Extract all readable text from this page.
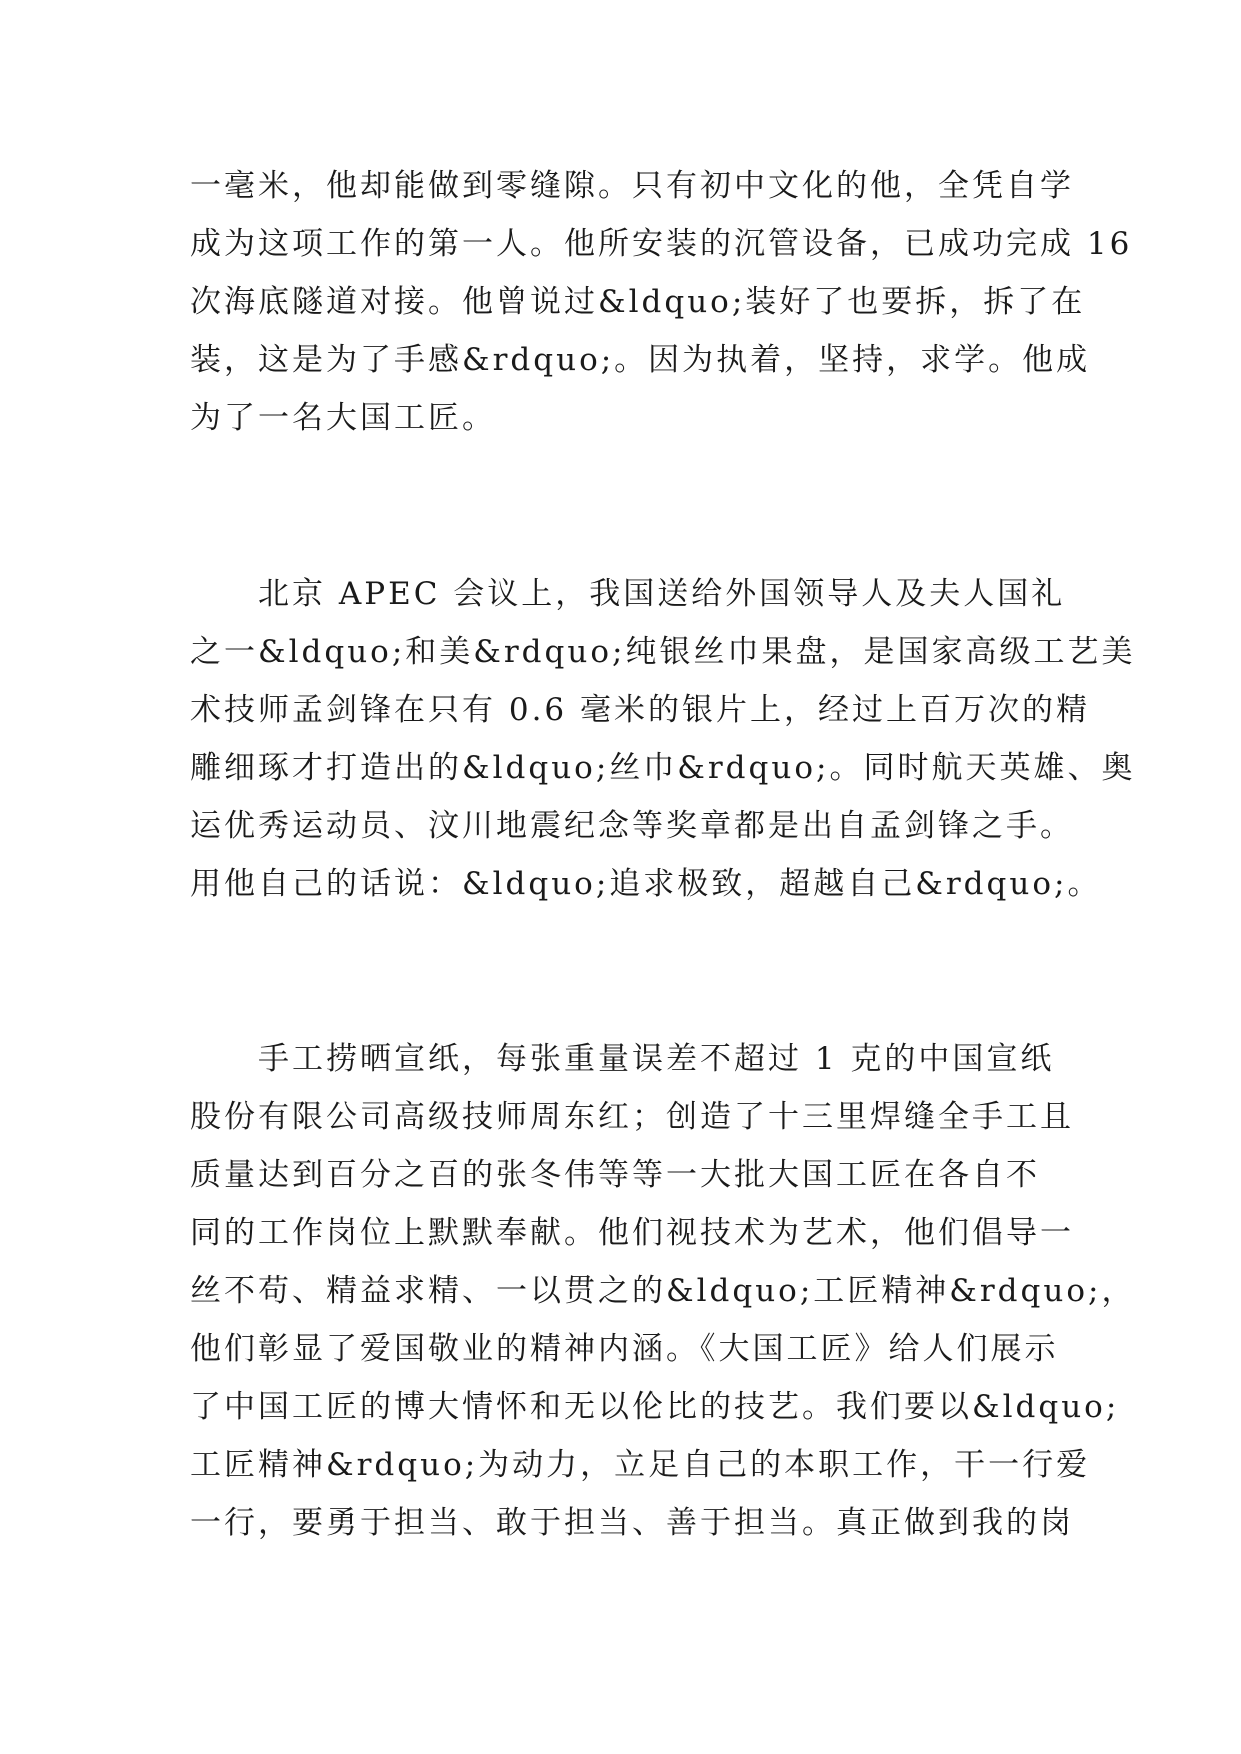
一毫米，他却能做到零缝隙。只有初中文化的他，全凭自学
成为这项工作的第一人。他所安装的沉管设备，已成功完成 16
次海底隧道对接。他曾说过&ldquo;装好了也要拆，拆了在
装，这是为了手感&rdquo;。因为执着，坚持，求学。他成
为了一名大国工匠。
　　北京 APEC 会议上，我国送给外国领导人及夫人国礼
之一&ldquo;和美&rdquo;纯银丝巾果盘，是国家高级工艺美
术技师孟剑锋在只有 0.6 毫米的银片上，经过上百万次的精
雕细琢才打造出的&ldquo;丝巾&rdquo;。同时航天英雄、奥
运优秀运动员、汶川地震纪念等奖章都是出自孟剑锋之手。
用他自己的话说：&ldquo;追求极致，超越自己&rdquo;。
　　手工捞晒宣纸，每张重量误差不超过 1 克的中国宣纸
股份有限公司高级技师周东红；创造了十三里焊缝全手工且
质量达到百分之百的张冬伟等等一大批大国工匠在各自不
同的工作岗位上默默奉献。他们视技术为艺术，他们倡导一
丝不苟、精益求精、一以贯之的&ldquo;工匠精神&rdquo;，
他们彰显了爱国敬业的精神内涵。《大国工匠》给人们展示
了中国工匠的博大情怀和无以伦比的技艺。我们要以&ldquo;
工匠精神&rdquo;为动力，立足自己的本职工作，干一行爱
一行，要勇于担当、敢于担当、善于担当。真正做到我的岗
